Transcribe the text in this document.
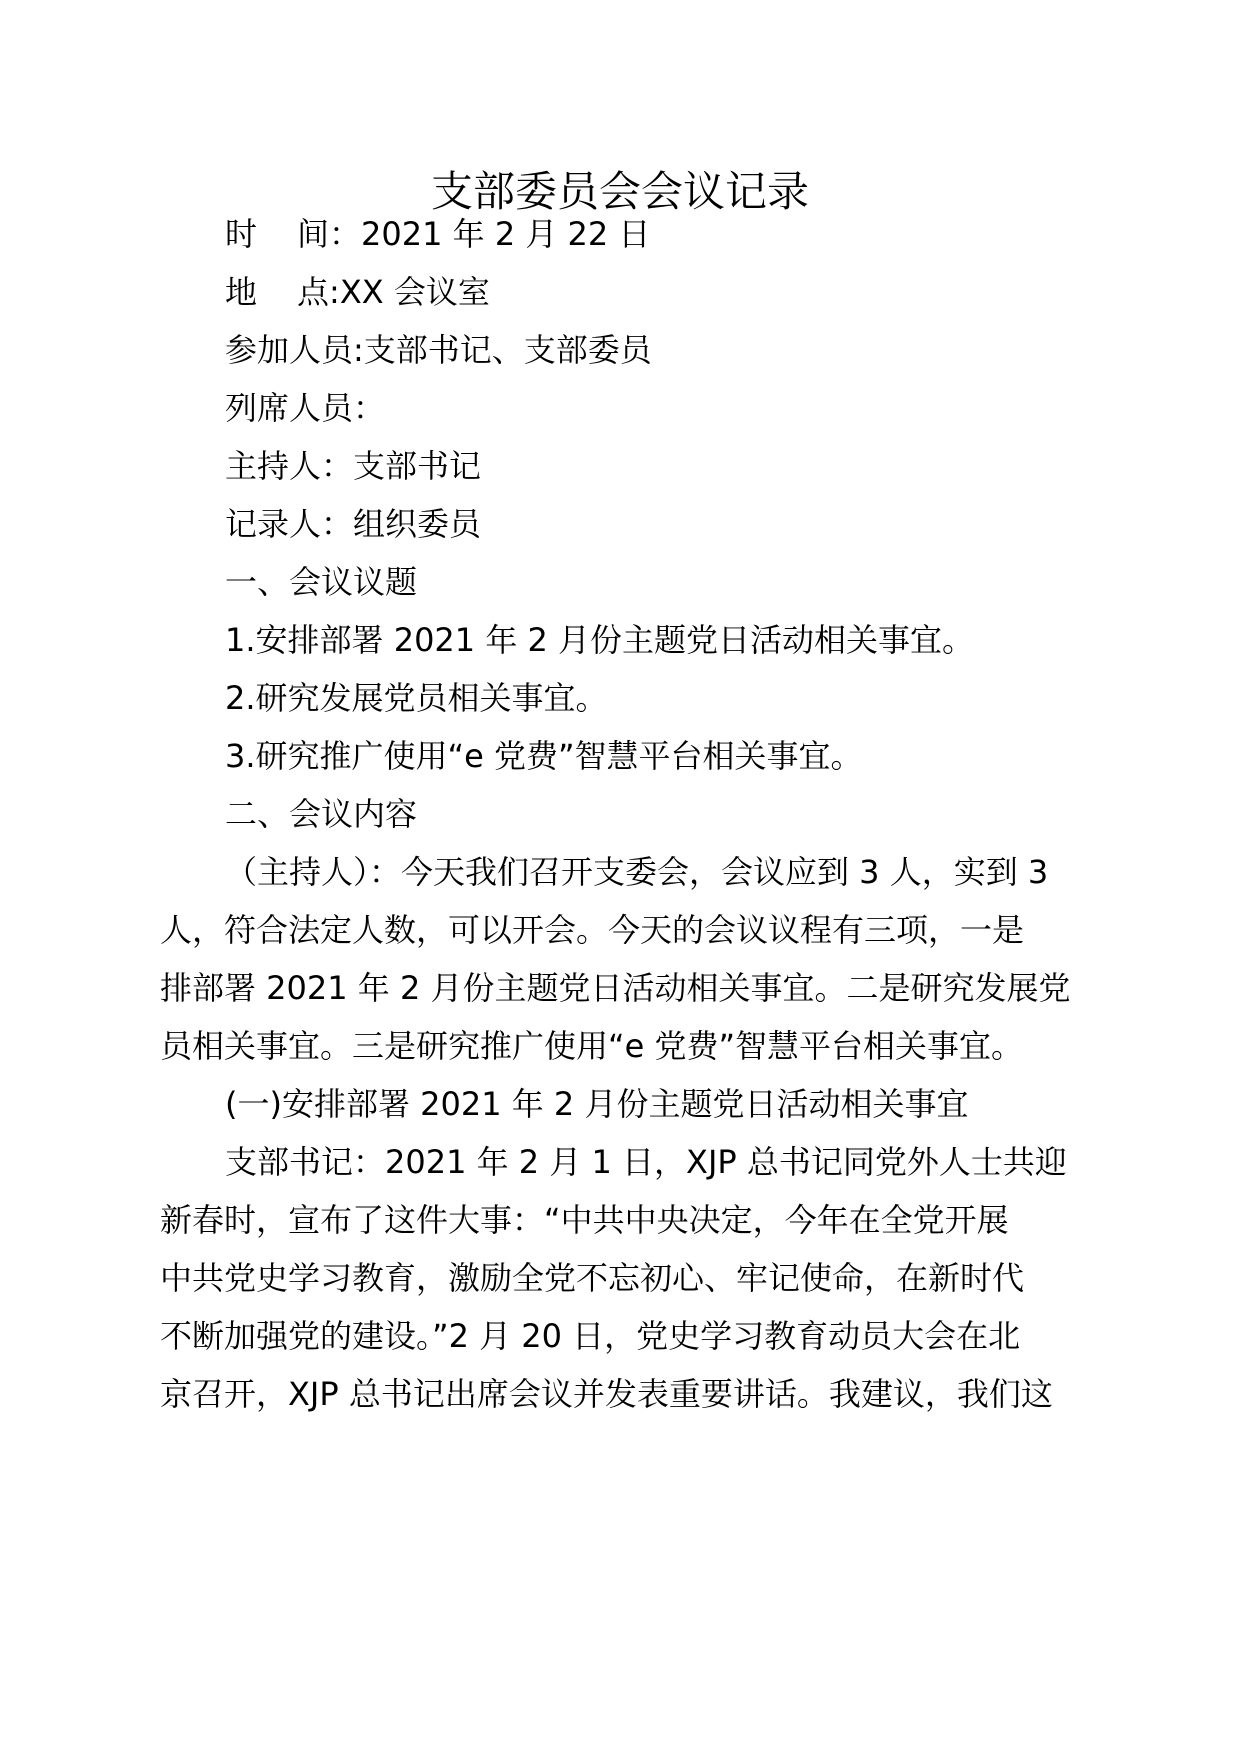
支部委员会会议记录
时 间：2021 年 2 月 22 日
地 点:XX 会议室
参加人员:支部书记、支部委员
列席人员：
主持人：支部书记
记录人：组织委员
一、会议议题
1.安排部署 2021 年 2 月份主题党日活动相关事宜。
2.研究发展党员相关事宜。
3.研究推广使用“e 党费”智慧平台相关事宜。
二、会议内容
（主持人）：今天我们召开支委会，会议应到 3 人，实到 3
人，符合法定人数，可以开会。今天的会议议程有三项，一是
排部署 2021 年 2 月份主题党日活动相关事宜。二是研究发展党
员相关事宜。三是研究推广使用“e 党费”智慧平台相关事宜。
(一)安排部署 2021 年 2 月份主题党日活动相关事宜
支部书记：2021 年 2 月 1 日，XJP 总书记同党外人士共迎
新春时，宣布了这件大事：“中共中央决定，今年在全党开展
中共党史学习教育，激励全党不忘初心、牢记使命，在新时代
不断加强党的建设。”2 月 20 日，党史学习教育动员大会在北
京召开，XJP 总书记出席会议并发表重要讲话。我建议，我们这
